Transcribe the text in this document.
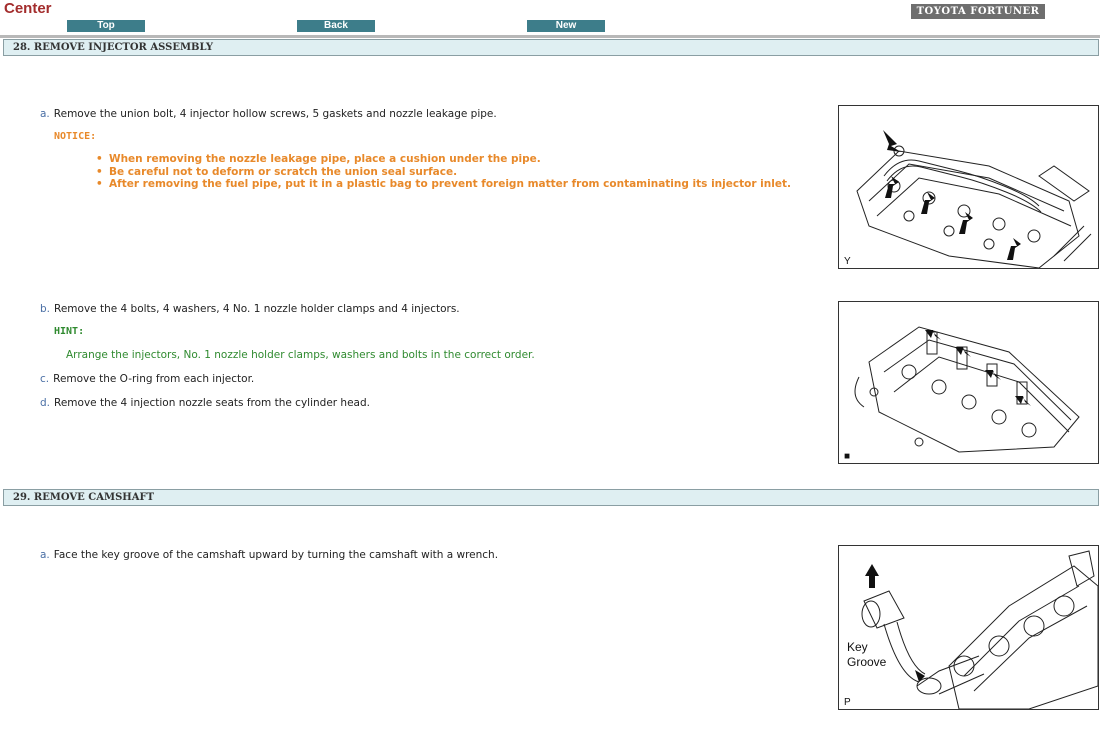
Center
Top	Back	New
TOYOTA FORTUNER
28. REMOVE INJECTOR ASSEMBLY
a. Remove the union bolt, 4 injector hollow screws, 5 gaskets and nozzle leakage pipe.
NOTICE:
• When removing the nozzle leakage pipe, place a cushion under the pipe.
• Be careful not to deform or scratch the union seal surface.
• After removing the fuel pipe, put it in a plastic bag to prevent foreign matter from contaminating its injector inlet.
b. Remove the 4 bolts, 4 washers, 4 No. 1 nozzle holder clamps and 4 injectors.
HINT:
Arrange the injectors, No. 1 nozzle holder clamps, washers and bolts in the correct order.
c. Remove the O-ring from each injector.
d. Remove the 4 injection nozzle seats from the cylinder head.
Y
■
29. REMOVE CAMSHAFT
a. Face the key groove of the camshaft upward by turning the camshaft with a wrench.
Key
Groove
P
